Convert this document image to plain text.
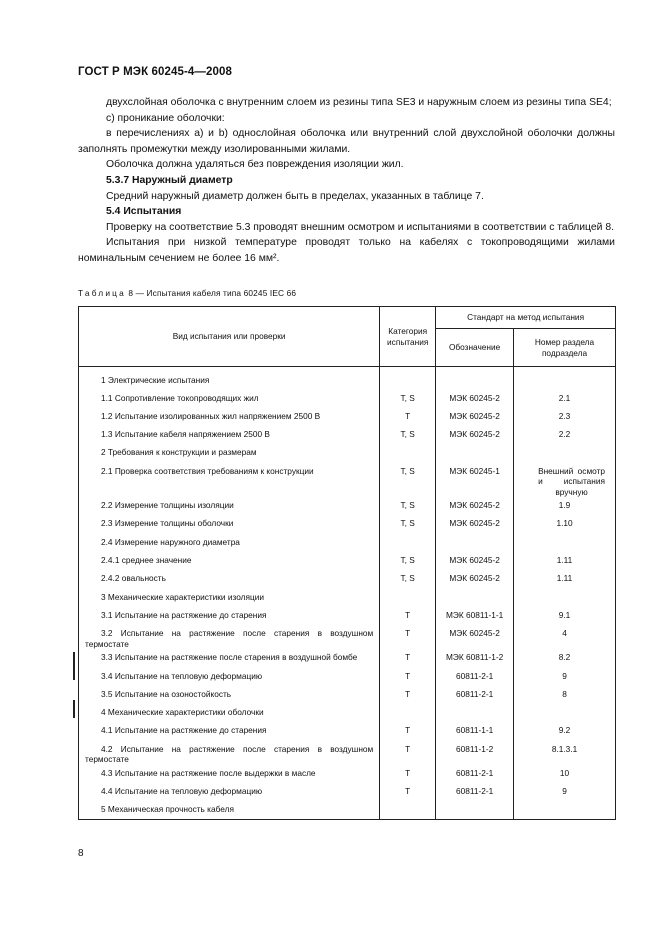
ГОСТ Р МЭК 60245-4—2008

двухслойная оболочка с внутренним слоем из резины типа SE3 и наружным слоем из резины типа SE4;

c) проникание оболочки:

в перечислениях а) и b) однослойная оболочка или внутренний слой двухслойной оболочки должны заполнять промежутки между изолированными жилами.

Оболочка должна удаляться без повреждения изоляции жил.

5.3.7 Наружный диаметр

Средний наружный диаметр должен быть в пределах, указанных в таблице 7.

5.4 Испытания

Проверку на соответствие 5.3 проводят внешним осмотром и испытаниями в соответствии с таблицей 8.

Испытания при низкой температуре проводят только на кабелях с токопроводящими жилами номинальным сечением не более 16 мм².

Таблица 8 — Испытания кабеля типа 60245 IEC 66
Вид испытания или проверки	Категория испытания	Стандарт на метод испытания	
		Обозначение	Номер раздела подраздела
1 Электрические испытания			
1.1 Сопротивление токопроводящих жил	T, S	МЭК 60245-2	2.1
1.2 Испытание изолированных жил напряжением 2500 В	T	МЭК 60245-2	2.3
1.3 Испытание кабеля напряжением 2500 В	T, S	МЭК 60245-2	2.2
2 Требования к конструкции и размерам			
2.1 Проверка соответствия требованиям к конструкции	T, S	МЭК 60245-1	Внешний осмотр и испытания вручную
2.2 Измерение толщины изоляции	T, S	МЭК 60245-2	1.9
2.3 Измерение толщины оболочки	T, S	МЭК 60245-2	1.10
2.4 Измерение наружного диаметра			
2.4.1 среднее значение	T, S	МЭК 60245-2	1.11
2.4.2 овальность	T, S	МЭК 60245-2	1.11
3 Механические характеристики изоляции			
3.1 Испытание на растяжение до старения	T	МЭК 60811-1-1	9.1
3.2 Испытание на растяжение после старения в воздушном термостате	T	МЭК 60245-2	4
3.3 Испытание на растяжение после старения в воздушной бомбе	T	МЭК 60811-1-2	8.2
3.4 Испытание на тепловую деформацию	T	60811-2-1	9
3.5 Испытание на озоностойкость	T	60811-2-1	8
4 Механические характеристики оболочки			
4.1 Испытание на растяжение до старения	T	60811-1-1	9.2
4.2 Испытание на растяжение после старения в воздушном термостате	T	60811-1-2	8.1.3.1
4.3 Испытание на растяжение после выдержки в масле	T	60811-2-1	10
4.4 Испытание на тепловую деформацию	T	60811-2-1	9
5 Механическая прочность кабеля			
8
